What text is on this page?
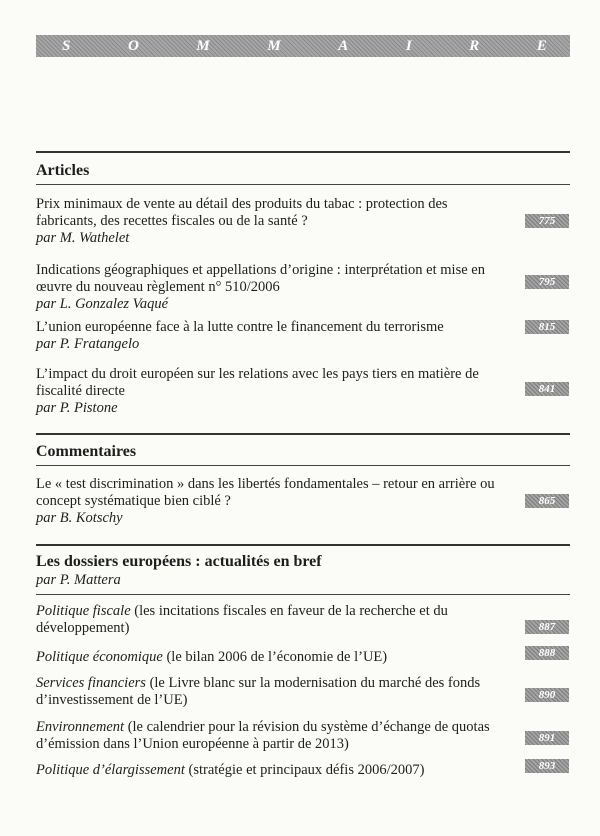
S	O	M	M	A	I	R	E
Articles
Prix minimaux de vente au détail des produits du tabac : protection des fabricants, des recettes fiscales ou de la santé ?
par M. Wathelet
775
Indications géographiques et appellations d’origine : interprétation et mise en œuvre du nouveau règlement n° 510/2006
par L. Gonzalez Vaqué
795
L’union européenne face à la lutte contre le financement du terrorisme
par P. Fratangelo
815
L’impact du droit européen sur les relations avec les pays tiers en matière de fiscalité directe
par P. Pistone
841
Commentaires
Le « test discrimination » dans les libertés fondamentales – retour en arrière ou concept systématique bien ciblé ?
par B. Kotschy
865
Les dossiers européens : actualités en bref
par P. Mattera
Politique fiscale (les incitations fiscales en faveur de la recherche et du développement)	887
Politique économique (le bilan 2006 de l’économie de l’UE)	888
Services financiers (le Livre blanc sur la modernisation du marché des fonds d’investissement de l’UE)	890
Environnement (le calendrier pour la révision du système d’échange de quotas d’émission dans l’Union européenne à partir de 2013)	891
Politique d’élargissement (stratégie et principaux défis 2006/2007)	893
